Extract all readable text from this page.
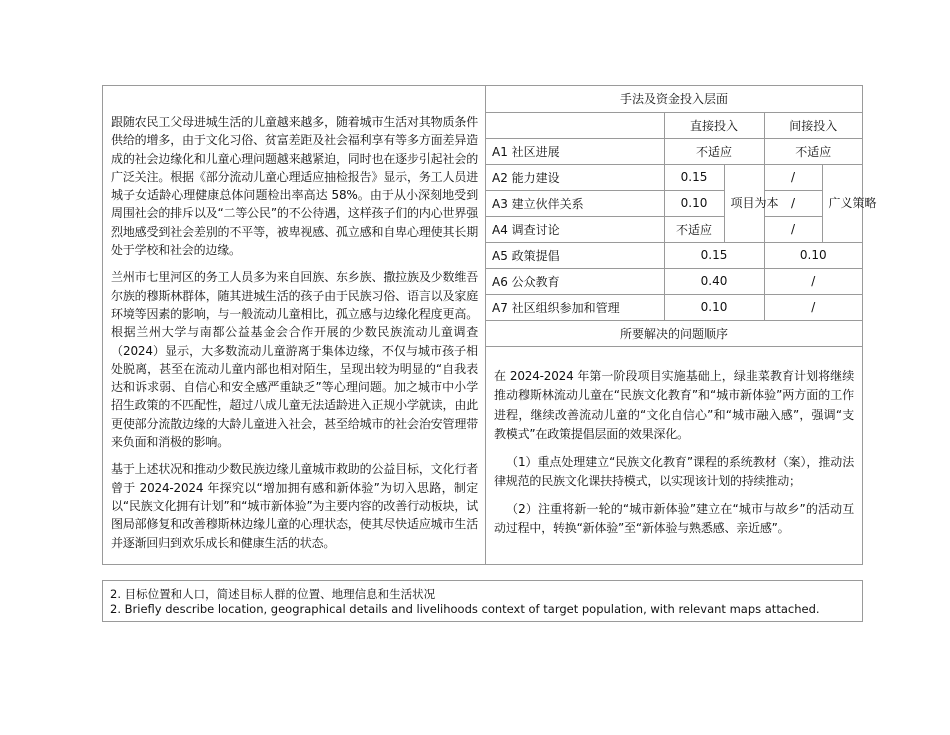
跟随农民工父母进城生活的儿童越来越多，随着城市生活对其物质条件供给的增多，由于文化习俗、贫富差距及社会福利享有等多方面差异造成的社会边缘化和儿童心理问题越来越紧迫，同时也在逐步引起社会的广泛关注。根据《部分流动儿童心理适应抽检报告》显示，务工人员进城子女适龄心理健康总体问题检出率高达 58%。由于从小深刻地受到周围社会的排斥以及“二等公民”的不公待遇，这样孩子们的内心世界强烈地感受到社会差别的不平等，被卑视感、孤立感和自卑心理使其长期处于学校和社会的边缘。

兰州市七里河区的务工人员多为来自回族、东乡族、撒拉族及少数维吾尔族的穆斯林群体，随其进城生活的孩子由于民族习俗、语言以及家庭环境等因素的影响，与一般流动儿童相比，孤立感与边缘化程度更高。根据兰州大学与南都公益基金会合作开展的少数民族流动儿童调查（2024）显示，大多数流动儿童游离于集体边缘，不仅与城市孩子相处脱离，甚至在流动儿童内部也相对陌生，呈现出较为明显的“自我表达和诉求弱、自信心和安全感严重缺乏”等心理问题。加之城市中小学招生政策的不匹配性，超过八成儿童无法适龄进入正规小学就读，由此更使部分流散边缘的大龄儿童进入社会，甚至给城市的社会治安管理带来负面和消极的影响。

基于上述状况和推动少数民族边缘儿童城市救助的公益目标，文化行者曾于 2024-2024 年探究以“增加拥有感和新体验”为切入思路，制定以“民族文化拥有计划”和“城市新体验”为主要内容的改善行动板块，试图局部修复和改善穆斯林边缘儿童的心理状态，使其尽快适应城市生活并逐渐回归到欢乐成长和健康生活的状态。

手法及资金投入层面				
	直接投入		间接投入	
A1 社区进展	不适应		不适应	
A2 能力建设	0.15	项目为本	/	广义策略
A3 建立伙伴关系	0.10		/	
A4 调查讨论	不适应		/	
A5 政策提倡	0.15		0.10	
A6 公众教育	0.40		/	
A7 社区组织参加和管理	0.10		/	
所要解决的问题顺序				

在 2024-2024 年第一阶段项目实施基础上，绿韭菜教育计划将继续推动穆斯林流动儿童在“民族文化教育”和“城市新体验”两方面的工作进程，继续改善流动儿童的“文化自信心”和“城市融入感”，强调“支教模式”在政策提倡层面的效果深化。

（1）重点处理建立“民族文化教育”课程的系统教材（案），推动法律规范的民族文化课扶持模式，以实现该计划的持续推动；

（2）注重将新一轮的“城市新体验”建立在“城市与故乡”的活动互动过程中，转换“新体验”至“新体验与熟悉感、亲近感”。

2. 目标位置和人口，简述目标人群的位置、地理信息和生活状况
2. Briefly describe location, geographical details and livelihoods context of target population, with relevant maps attached.
